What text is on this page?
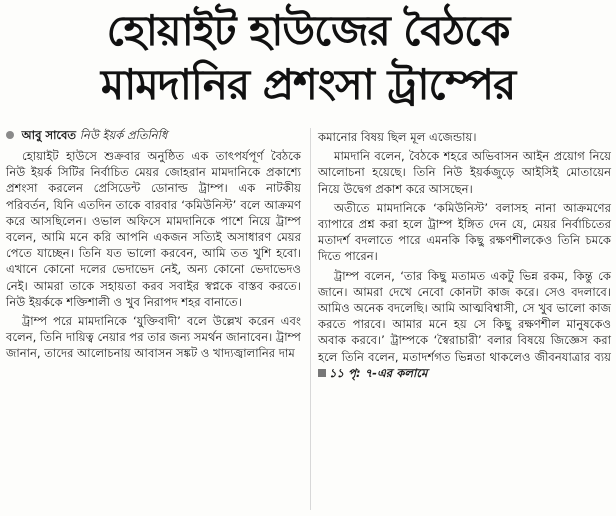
হোয়াইট হাউজের বৈঠকে
মামদানির প্রশংসা ট্রাম্পের
আবু সাবেত নিউ ইয়র্ক প্রতিনিধি

হোয়াইট হাউসে শুক্রবার অনুষ্ঠিত এক তাৎপর্যপূর্ণ বৈঠকে নিউ ইয়র্ক সিটির নির্বাচিত মেয়র জোহরান মামদানিকে প্রকাশ্যে প্রশংসা করলেন প্রেসিডেন্ট ডোনাল্ড ট্রাম্প। এক নাটকীয় পরিবর্তন, যিনি এতদিন তাকে বারবার ‘কমিউনিস্ট’ বলে আক্রমণ করে আসছিলেন। ওভাল অফিসে মামদানিকে পাশে নিয়ে ট্রাম্প বলেন, আমি মনে করি আপনি একজন সত্যিই অসাধারণ মেয়র পেতে যাচ্ছেন। তিনি যত ভালো করবেন, আমি তত খুশি হবো। এখানে কোনো দলের ভেদাভেদ নেই, অন্য কোনো ভেদাভেদও নেই। আমরা তাকে সহায়তা করব সবাইর স্বপ্নকে বাস্তব করতে। নিউ ইয়র্ককে শক্তিশালী ও খুব নিরাপদ শহর বানাতে।

ট্রাম্প পরে মামদানিকে ‘যুক্তিবাদী’ বলে উল্লেখ করেন এবং বলেন, তিনি দায়িত্ব নেয়ার পর তার জন্য সমর্থন জানাবেন। ট্রাম্প জানান, তাদের আলোচনায় আবাসন সঙ্কট ও খাদ্যজ্বালানির দাম

কমানোর বিষয় ছিল মূল এজেন্ডায়।

মামদানি বলেন, বৈঠকে শহরে অভিবাসন আইন প্রয়োগ নিয়ে আলোচনা হয়েছে। তিনি নিউ ইয়র্কজুড়ে আইসিই মোতায়েন নিয়ে উদ্বেগ প্রকাশ করে আসছেন।

অতীতে মামদানিকে ‘কমিউনিস্ট’ বলাসহ নানা আক্রমণের ব্যাপারে প্রশ্ন করা হলে ট্রাম্প ইঙ্গিত দেন যে, মেয়র নির্বাচিতের মতাদর্শ বদলাতে পারে এমনকি কিছু রক্ষণশীলকেও তিনি চমকে দিতে পারেন।

ট্রাম্প বলেন, ‘তার কিছু মতামত একটু ভিন্ন রকম, কিন্তু কে জানে। আমরা দেখে নেবো কোনটা কাজ করে। সেও বদলাবে। আমিও অনেক বদলেছি। আমি আত্মবিশ্বাসী, সে খুব ভালো কাজ করতে পারবে। আমার মনে হয় সে কিছু রক্ষণশীল মানুষকেও অবাক করবে।’ ট্রাম্পকে ‘স্বৈরাচারী’ বলার বিষয়ে জিজ্ঞেস করা হলে তিনি বলেন, মতাদর্শগত ভিন্নতা থাকলেও জীবনযাত্রার ব্যয় ১১ পৃ: ৭-এর কলামে
